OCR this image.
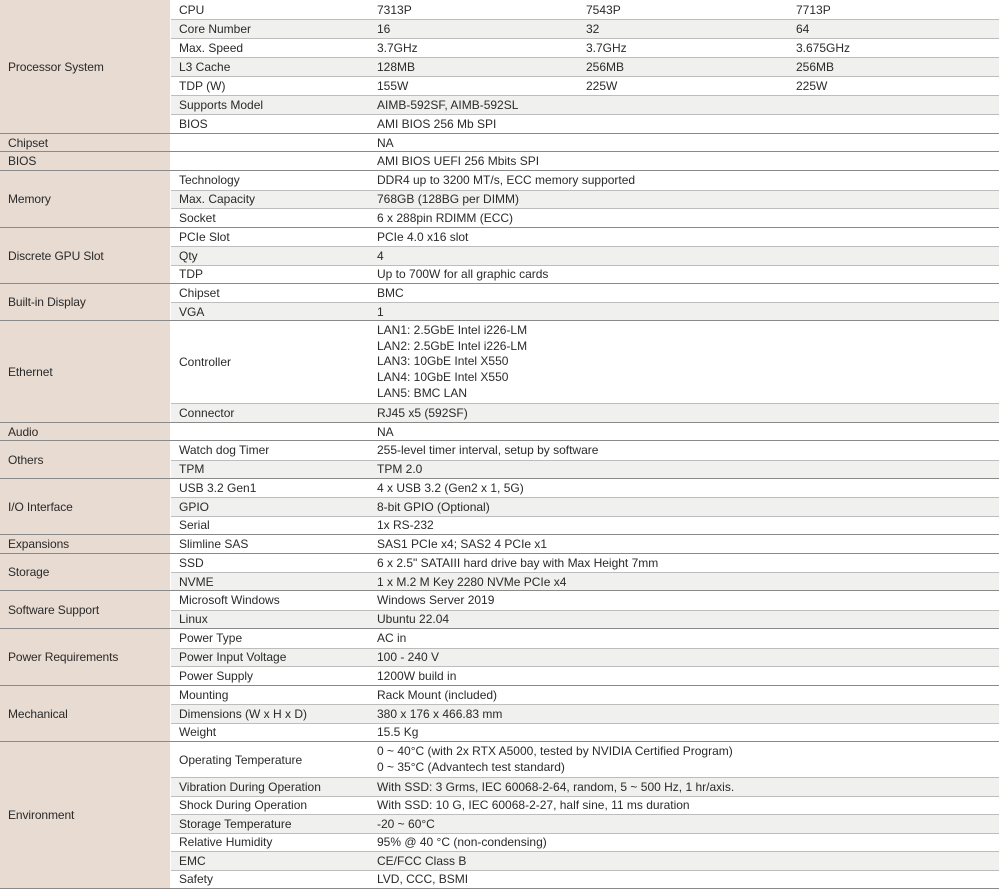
Processor System
CPU	7313P	7543P	7713P
Core Number	16	32	64
Max. Speed	3.7GHz	3.7GHz	3.675GHz
L3 Cache	128MB	256MB	256MB
TDP (W)	155W	225W	225W
Supports Model	AIMB-592SF, AIMB-592SL
BIOS	AMI BIOS 256 Mb SPI
Chipset	NA
BIOS	AMI BIOS UEFI 256 Mbits SPI
Memory
Technology	DDR4 up to 3200 MT/s, ECC memory supported
Max. Capacity	768GB (128BG per DIMM)
Socket	6 x 288pin RDIMM (ECC)
Discrete GPU Slot
PCIe Slot	PCIe 4.0 x16 slot
Qty	4
TDP	Up to 700W for all graphic cards
Built-in Display
Chipset	BMC
VGA	1
Ethernet
Controller
LAN1: 2.5GbE Intel i226-LM
LAN2: 2.5GbE Intel i226-LM
LAN3: 10GbE Intel X550
LAN4: 10GbE Intel X550
LAN5: BMC LAN
Connector	RJ45 x5 (592SF)
Audio	NA
Others
Watch dog Timer	255-level timer interval, setup by software
TPM	TPM 2.0
I/O Interface
USB 3.2 Gen1	4 x USB 3.2 (Gen2 x 1, 5G)
GPIO	8-bit GPIO (Optional)
Serial	1x RS-232
Expansions	Slimline SAS	SAS1 PCIe x4; SAS2 4 PCIe x1
Storage
SSD	6 x 2.5" SATAIII hard drive bay with Max Height 7mm
NVME	1 x M.2 M Key 2280 NVMe PCIe x4
Software Support
Microsoft Windows	Windows Server 2019
Linux	Ubuntu 22.04
Power Requirements
Power Type	AC in
Power Input Voltage	100 - 240 V
Power Supply	1200W build in
Mechanical
Mounting	Rack Mount (included)
Dimensions (W x H x D)	380 x 176 x 466.83 mm
Weight	15.5 Kg
Environment
Operating Temperature
0 ~ 40°C (with 2x RTX A5000, tested by NVIDIA Certified Program)
0 ~ 35°C (Advantech test standard)
Vibration During Operation	With SSD: 3 Grms, IEC 60068-2-64, random, 5 ~ 500 Hz, 1 hr/axis.
Shock During Operation	With SSD: 10 G, IEC 60068-2-27, half sine, 11 ms duration
Storage Temperature	-20 ~ 60°C
Relative Humidity	95% @ 40 °C (non-condensing)
EMC	CE/FCC Class B
Safety	LVD, CCC, BSMI
